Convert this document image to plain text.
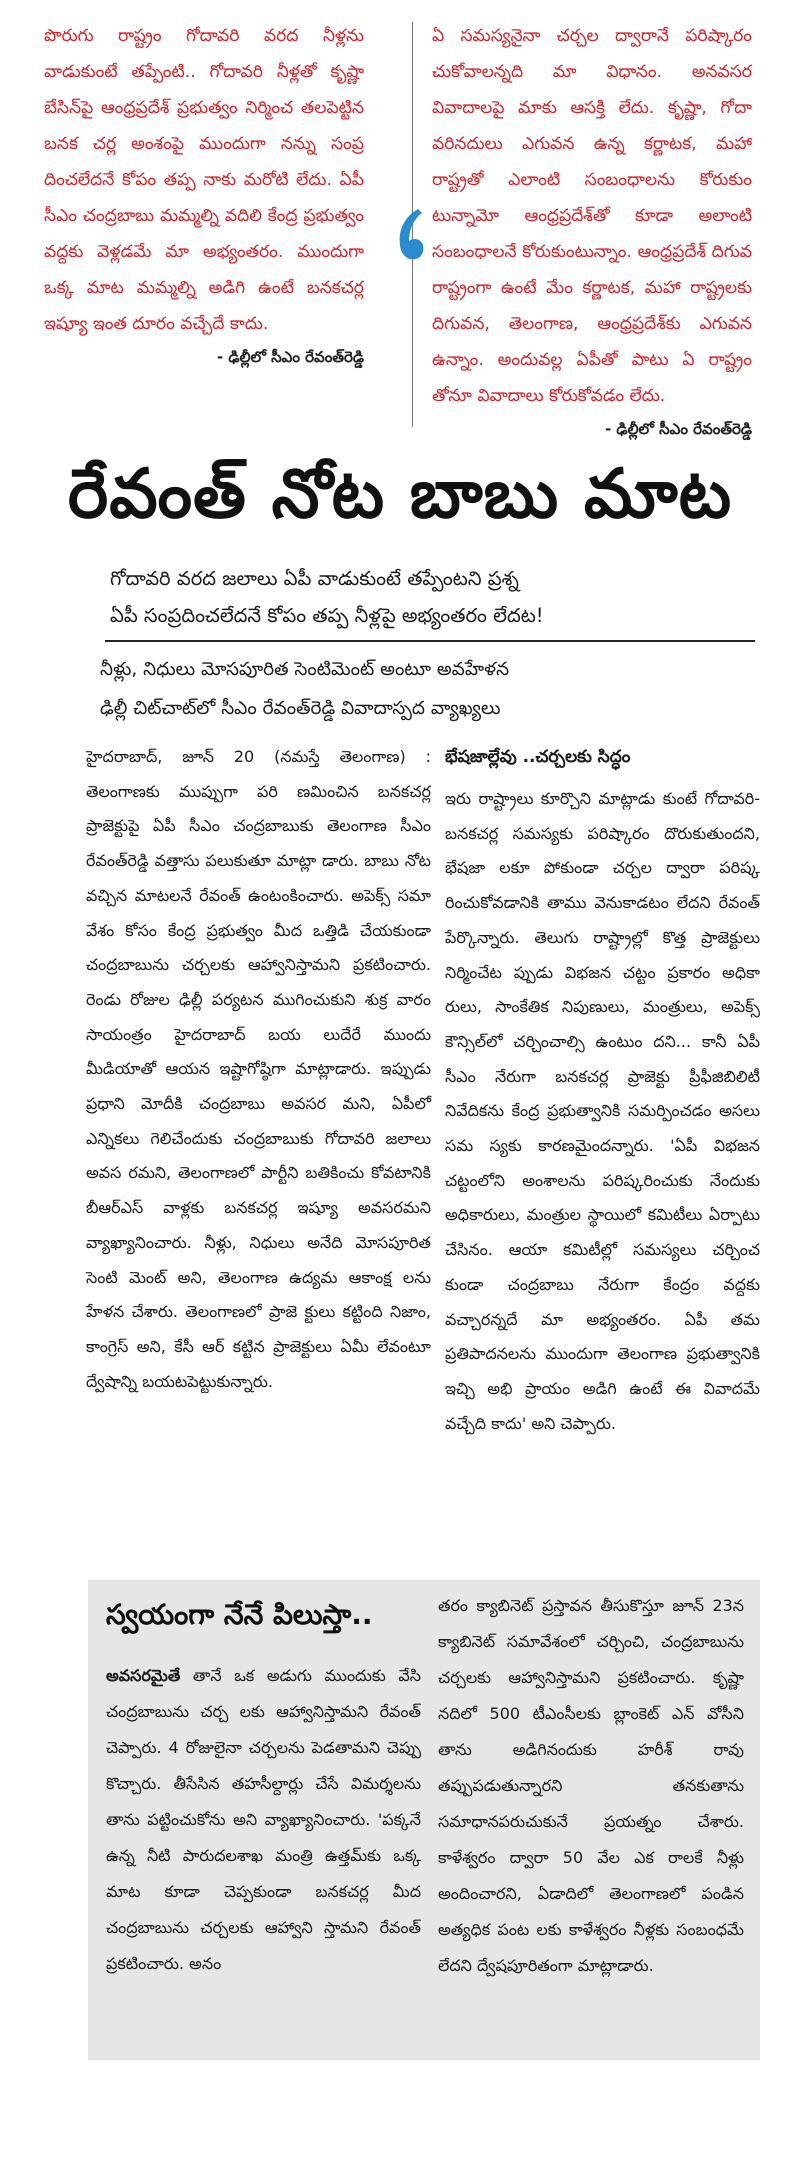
పొరుగు రాష్ట్రం గోదావరి వరద నీళ్లను వాడుకుంటే తప్పేంటి.. గోదావరి నీళ్లతో కృష్ణా బేసిన్‌పై ఆంధ్రప్రదేశ్ ప్రభుత్వం నిర్మించ తలపెట్టిన బనక చర్ల అంశంపై ముందుగా నన్ను సంప్ర దించలేదనే కోపం తప్ప నాకు మరోటి లేదు. ఏపీ సీఎం చంద్రబాబు మమ్మల్ని వదిలి కేంద్ర ప్రభుత్వం వద్దకు వెళ్లడమే మా అభ్యంతరం. ముందుగా ఒక్క మాట మమ్మల్ని అడిగి ఉంటే బనకచర్ల ఇష్యూ ఇంత దూరం వచ్చేదే కాదు.

- ఢిల్లీలో సీఎం రేవంత్‌రెడ్డి

ఏ సమస్యనైనా చర్చల ద్వారానే పరిష్కారం చుకోవాలన్నది మా విధానం. అనవసర వివాదాలపై మాకు ఆసక్తి లేదు. కృష్ణా, గోదా వరినదులు ఎగువన ఉన్న కర్ణాటక, మహా రాష్ట్రతో ఎలాంటి సంబంధాలను కోరుకుం టున్నామో ఆంధ్రప్రదేశ్‌తో కూడా అలాంటి సంబంధాలనే కోరుకుంటున్నాం. ఆంధ్రప్రదేశ్ దిగువ రాష్ట్రంగా ఉంటే మేం కర్ణాటక, మహా రాష్ట్రలకు దిగువన, తెలంగాణ, ఆంధ్రప్రదేశ్‌కు ఎగువన ఉన్నాం. అందువల్ల ఏపీతో పాటు ఏ రాష్ట్రం తోనూ వివాదాలు కోరుకోవడం లేదు.

- ఢిల్లీలో సీఎం రేవంత్‌రెడ్డి
రేవంత్ నోట బాబు మాట

గోదావరి వరద జలాలు ఏపీ వాడుకుంటే తప్పేంటని ప్రశ్న

ఏపీ సంప్రదించలేదనే కోపం తప్ప నీళ్లపై అభ్యంతరం లేదట!

నీళ్లు, నిధులు మోసపూరిత సెంటిమెంట్ అంటూ అవహేళన

ఢిల్లీ చిట్‌చాట్‌లో సీఎం రేవంత్‌రెడ్డి వివాదాస్పద వ్యాఖ్యలు

హైదరాబాద్, జూన్ 20 (నమస్తే తెలంగాణ) : తెలంగాణకు ముప్పుగా పరి ణమించిన బనకచర్ల ప్రాజెక్టుపై ఏపీ సీఎం చంద్రబాబుకు తెలంగాణ సీఎం రేవంత్‌రెడ్డి వత్తాసు పలుకుతూ మాట్లా డారు. బాబు నోట వచ్చిన మాటలనే రేవంత్ ఉంటంకించారు. అపెక్స్ సమా వేశం కోసం కేంద్ర ప్రభుత్వం మీద ఒత్తిడి చేయకుండా చంద్రబాబును చర్చలకు ఆహ్వానిస్తామని ప్రకటించారు. రెండు రోజుల ఢిల్లీ పర్యటన ముగించుకుని శుక్ర వారం సాయంత్రం హైదరాబాద్ బయ లుదేరే ముందు మీడియాతో ఆయన ఇష్టాగోష్ఠిగా మాట్లాడారు. ఇప్పుడు ప్రధాని మోదీకి చంద్రబాబు అవసర మని, ఏపీలో ఎన్నికలు గెలిచేందుకు చంద్రబాబుకు గోదావరి జలాలు అవస రమని, తెలంగాణలో పార్టీని బతికించు కోవటానికి బీఆర్‌ఎస్ వాళ్లకు బనకచర్ల ఇష్యూ అవసరమని వ్యాఖ్యానించారు. నీళ్లు, నిధులు అనేది మోసపూరిత సెంటి మెంట్ అని, తెలంగాణ ఉద్యమ ఆకాంక్ష లను హేళన చేశారు. తెలంగాణలో ప్రాజె క్టులు కట్టింది నిజాం, కాంగ్రెస్ అని, కేసీ ఆర్ కట్టిన ప్రాజెక్టులు ఏమీ లేవంటూ ద్వేషాన్ని బయటపెట్టుకున్నారు.

భేషజాల్లేవు ..చర్చలకు సిద్ధం

ఇరు రాష్ట్రాలు కూర్చొని మాట్లాడు కుంటే గోదావరి- బనకచర్ల సమస్యకు పరిష్కారం దొరుకుతుందని, భేషజా లకూ పోకుండా చర్చల ద్వారా పరిష్క రించుకోవడానికి తాము వెనుకాడటం లేదని రేవంత్ పేర్కొన్నారు. తెలుగు రాష్ట్రాల్లో కొత్త ప్రాజెక్టులు నిర్మించేట ప్పుడు విభజన చట్టం ప్రకారం అధికా రులు, సాంకేతిక నిపుణులు, మంత్రులు, అపెక్స్ కౌన్సిల్‌లో చర్చించాల్సి ఉంటుం దని... కానీ ఏపీ సీఎం నేరుగా బనకచర్ల ప్రాజెక్టు ప్రీఫీజిబిలిటీ నివేదికను కేంద్ర ప్రభుత్వానికి సమర్పించడం అసలు సమ స్యకు కారణమైందన్నారు. 'ఏపీ విభజన చట్టంలోని అంశాలను పరిష్కరించుకు నేందుకు అధికారులు, మంత్రుల స్థాయిలో కమిటీలు ఏర్పాటు చేసినం. ఆయా కమిటీల్లో సమస్యలు చర్చించ కుండా చంద్రబాబు నేరుగా కేంద్రం వద్దకు వచ్చారన్నదే మా అభ్యంతరం. ఏపీ తమ ప్రతిపాదనలను ముందుగా తెలంగాణ ప్రభుత్వానికి ఇచ్చి అభి ప్రాయం అడిగి ఉంటే ఈ వివాదమే వచ్చేది కాదు' అని చెప్పారు.

స్వయంగా నేనే పిలుస్తా..

అవసరమైతే తానే ఒక అడుగు ముందుకు వేసి చంద్రబాబును చర్చ లకు ఆహ్వానిస్తామని రేవంత్ చెప్పారు. 4 రోజులైనా చర్చలను పెడతామని చెప్పు కొచ్చారు. తీసేసిన తహసీల్దార్లు చేసే విమర్శలను తాను పట్టించుకోను అని వ్యాఖ్యానించారు. 'పక్కనే ఉన్న నీటి పారుదలశాఖ మంత్రి ఉత్తమ్‌కు ఒక్క మాట కూడా చెప్పకుండా బనకచర్ల మీద చంద్రబాబును చర్చలకు ఆహ్వాని స్తామని రేవంత్ ప్రకటించారు. అనం

తరం క్యాబినెట్ ప్రస్తావన తీసుకొస్తూ జూన్ 23న క్యాబినెట్ సమావేశంలో చర్చించి, చంద్రబాబును చర్చలకు ఆహ్వానిస్తామని ప్రకటించారు. కృష్ణా నదిలో 500 టీఎంసీలకు బ్లాంకెట్ ఎన్ వోసీని తాను అడిగినందుకు హరీశ్ రావు తప్పుపడుతున్నారని తనకుతాను సమాధానపరుచుకునే ప్రయత్నం చేశారు. కాళేశ్వరం ద్వారా 50 వేల ఎక రాలకే నీళ్లు అందించారని, ఏడాదిలో తెలంగాణలో పండిన అత్యధిక పంట లకు కాళేశ్వరం నీళ్లకు సంబంధమే లేదని ద్వేషపూరితంగా మాట్లాడారు.
